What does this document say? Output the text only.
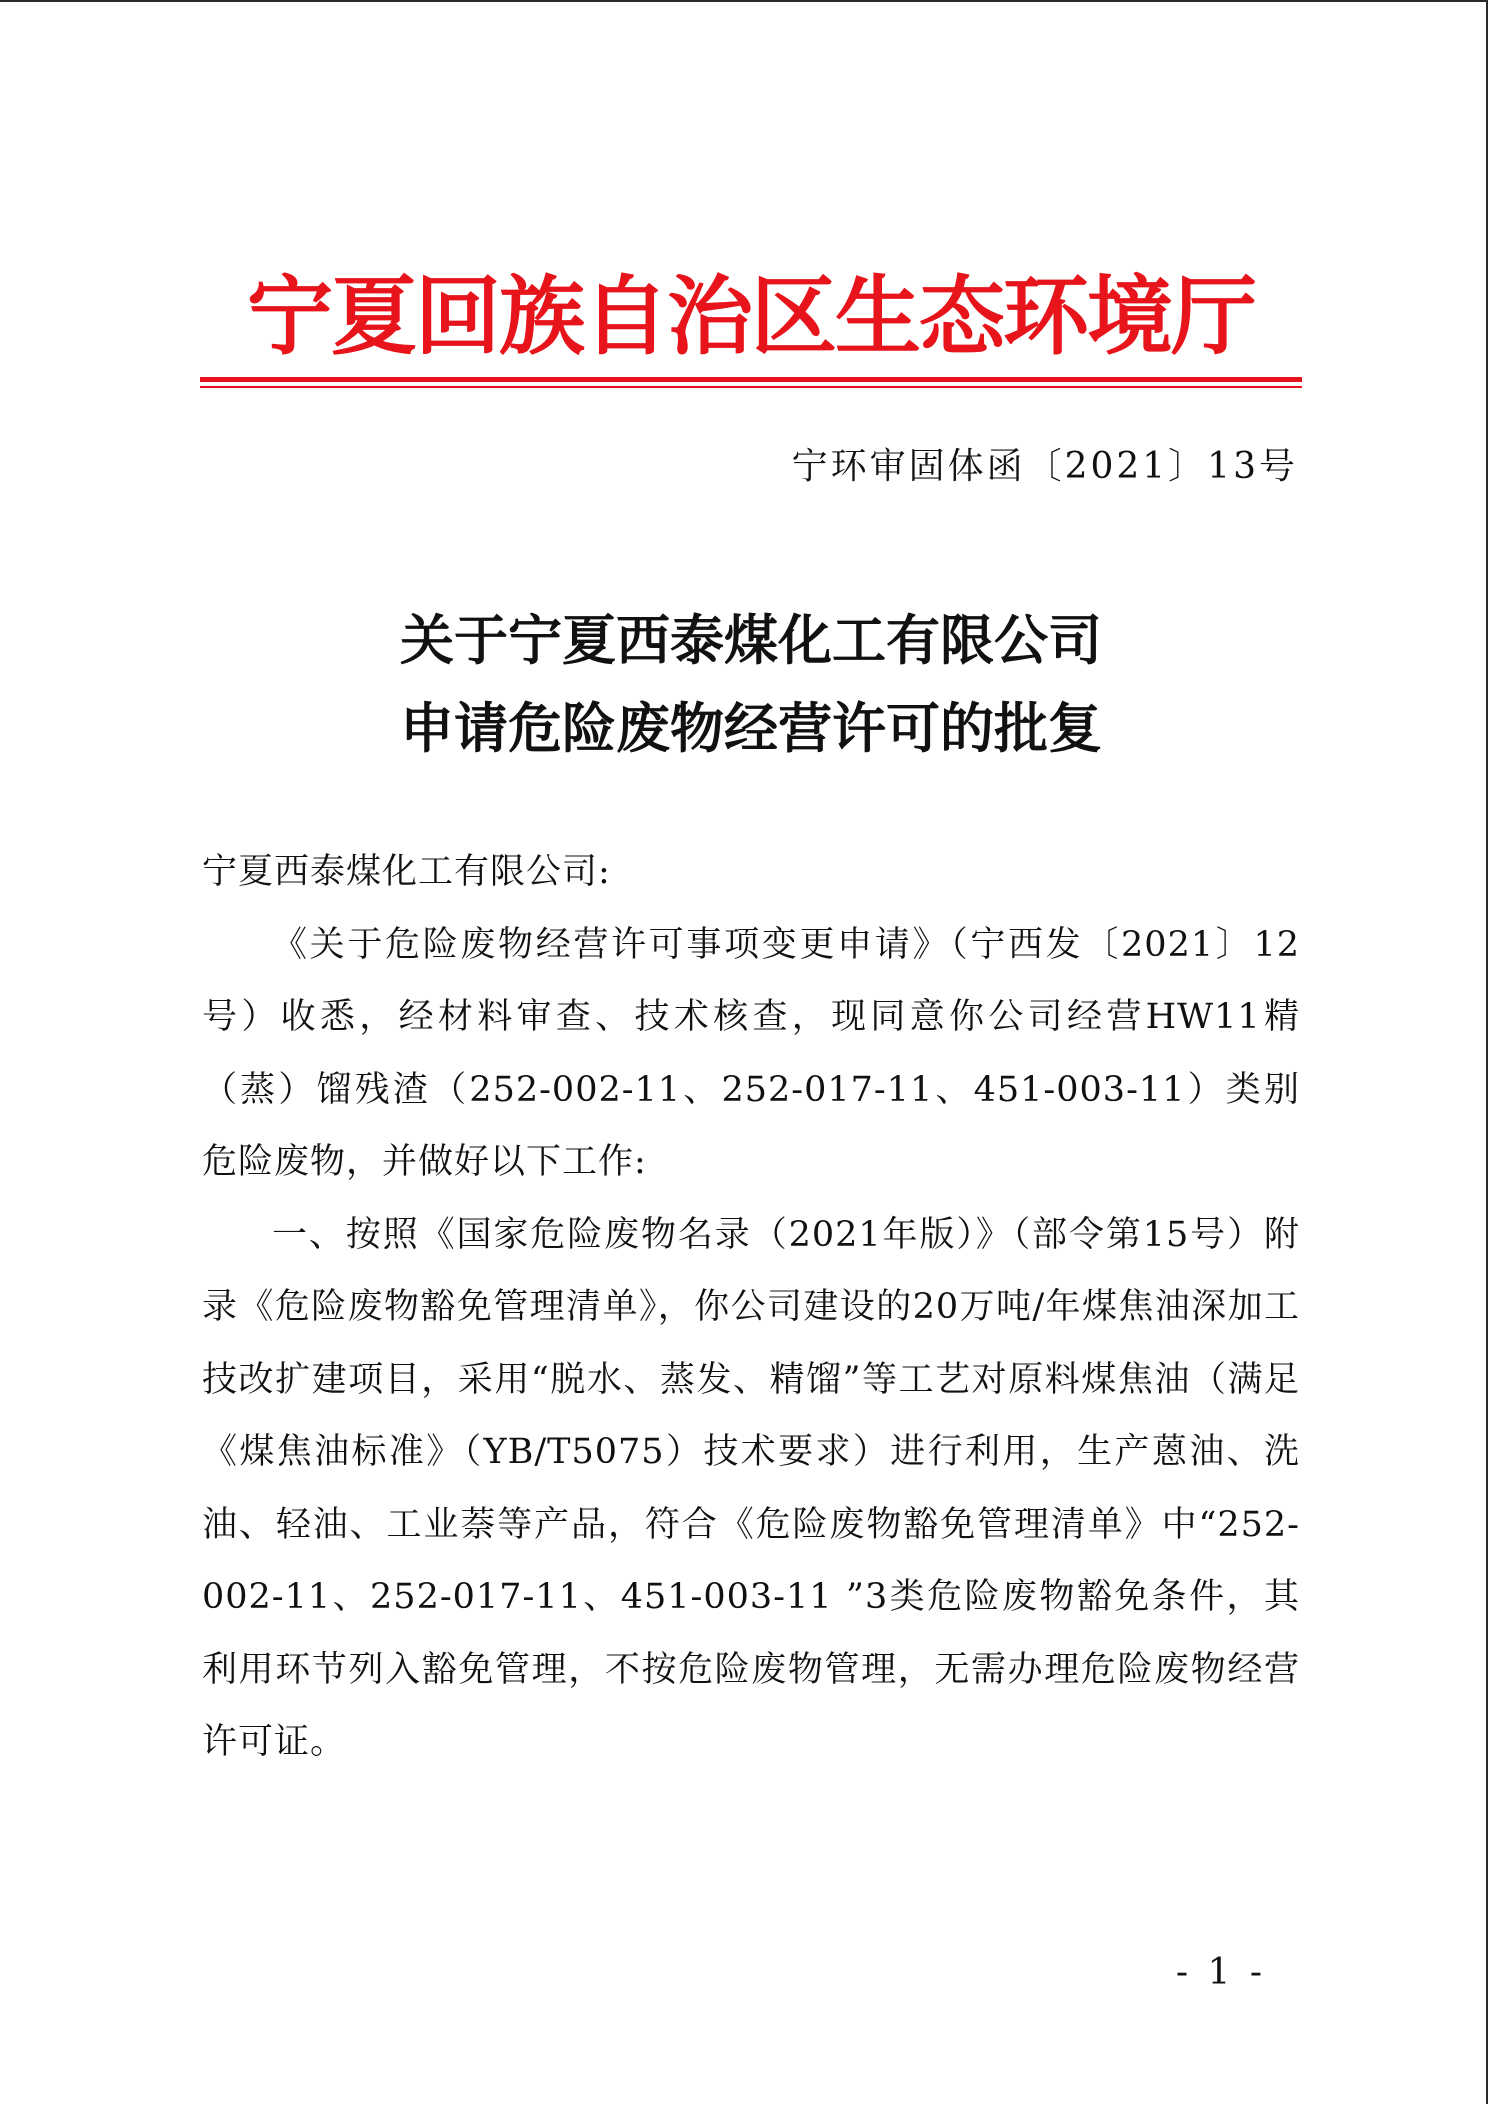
宁夏回族自治区生态环境厅
宁环审固体函〔2021〕13号
关于宁夏西泰煤化工有限公司
申请危险废物经营许可的批复

宁夏西泰煤化工有限公司:

《关于危险废物经营许可事项变更申请》（宁西发〔2021〕12号）收悉，经材料审查、技术核查，现同意你公司经营HW11精（蒸）馏残渣（252-002-11、252-017-11、451-003-11）类别危险废物，并做好以下工作:

一、按照《国家危险废物名录（2021年版）》（部令第15号）附录《危险废物豁免管理清单》，你公司建设的20万吨/年煤焦油深加工技改扩建项目，采用“脱水、蒸发、精馏”等工艺对原料煤焦油（满足《煤焦油标准》（YB/T5075）技术要求）进行利用，生产蒽油、洗油、轻油、工业萘等产品，符合《危险废物豁免管理清单》中“252-002-11、252-017-11、451-003-11 ”3类危险废物豁免条件，其利用环节列入豁免管理，不按危险废物管理，无需办理危险废物经营许可证。

- 1 -
